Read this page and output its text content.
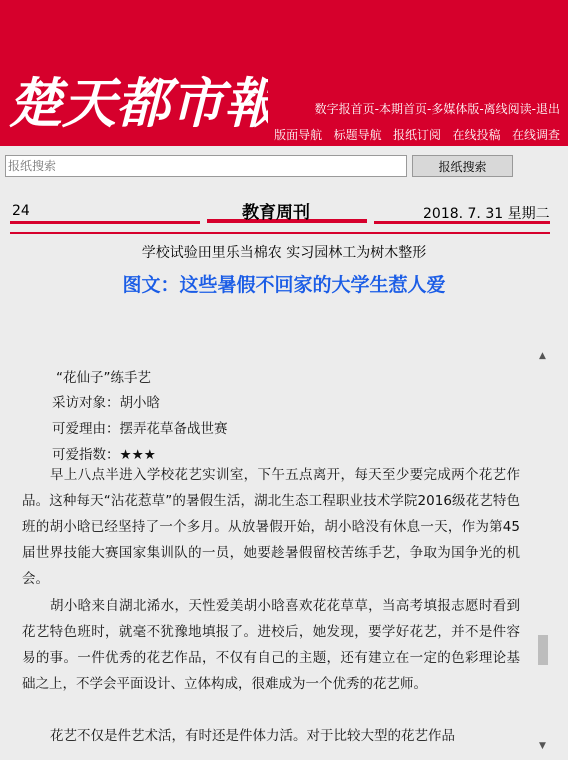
楚天都市報	数字报首页-本期首页-多媒体版-离线阅读-退出
版面导航 标题导航 报纸订阅 在线投稿 在线调查
报纸搜索
报纸搜索
24	教育周刊	2018. 7. 31 星期二
学校试验田里乐当棉农 实习园林工为树木整形
图文：这些暑假不回家的大学生惹人爱
“花仙子”练手艺
采访对象：胡小晗
可爱理由：摆弄花草备战世赛
可爱指数：★★★

早上八点半进入学校花艺实训室，下午五点离开，每天至少要完成两个花艺作品。这种每天“沾花惹草”的暑假生活，湖北生态工程职业技术学院2016级花艺特色班的胡小晗已经坚持了一个多月。从放暑假开始，胡小晗没有休息一天，作为第45届世界技能大赛国家集训队的一员，她要趁暑假留校苦练手艺，争取为国争光的机会。

胡小晗来自湖北浠水，天性爱美胡小晗喜欢花花草草，当高考填报志愿时看到花艺特色班时，就毫不犹豫地填报了。进校后，她发现，要学好花艺，并不是件容易的事。一件优秀的花艺作品，不仅有自己的主题，还有建立在一定的色彩理论基础之上，不学会平面设计、立体构成，很难成为一个优秀的花艺师。

花艺不仅是件艺术活，有时还是件体力活。对于比较大型的花艺作品

▲
▼
